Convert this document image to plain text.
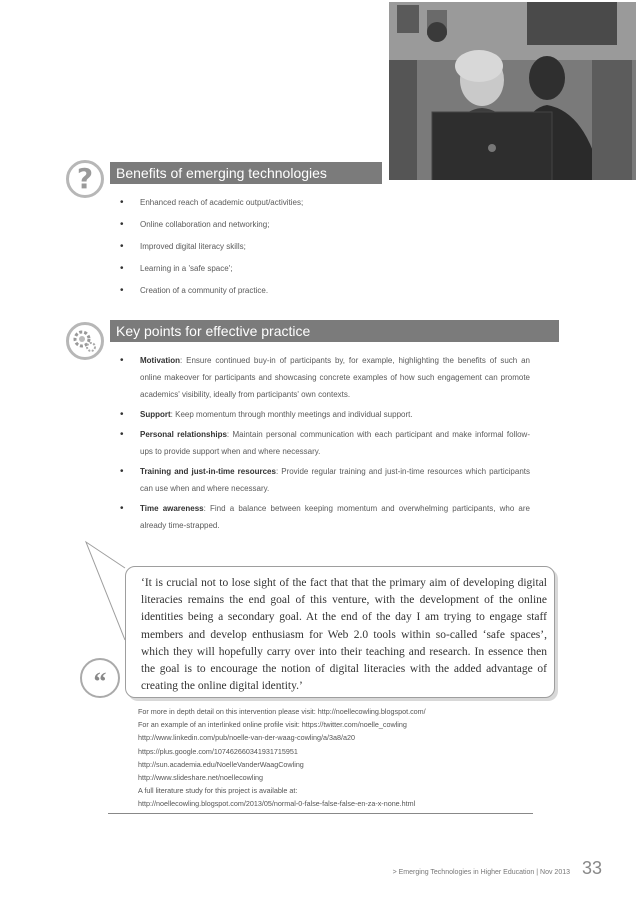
Benefits of emerging technologies
?
• Enhanced reach of academic output/activities;
• Online collaboration and networking;
• Improved digital literacy skills;
• Learning in a 'safe space';
• Creation of a community of practice.
Key points for effective practice
• Motivation: Ensure continued buy-in of participants by, for example, highlighting the benefits of such an online makeover for participants and showcasing concrete examples of how such engagement can promote academics' visibility, ideally from participants' own contexts.
• Support: Keep momentum through monthly meetings and individual support.
• Personal relationships: Maintain personal communication with each participant and make informal follow-ups to provide support when and where necessary.
• Training and just-in-time resources: Provide regular training and just-in-time resources which participants can use when and where necessary.
• Time awareness: Find a balance between keeping momentum and overwhelming participants, who are already time-strapped.
‘It is crucial not to lose sight of the fact that that the primary aim of developing digital literacies remains the end goal of this venture, with the development of the online identities being a secondary goal. At the end of the day I am trying to engage staff members and develop enthusiasm for Web 2.0 tools within so-called ‘safe spaces’, which they will hopefully carry over into their teaching and research. In essence then the goal is to encourage the notion of digital literacies with the added advantage of creating the online digital identity.’
“
For more in depth detail on this intervention please visit: http://noellecowling.blogspot.com/
For an example of an interlinked online profile visit: https://twitter.com/noelle_cowling
http://www.linkedin.com/pub/noelle-van-der-waag-cowling/a/3a8/a20
https://plus.google.com/107462660341931715951
http://sun.academia.edu/NoelleVanderWaagCowling
http://www.slideshare.net/noellecowling
A full literature study for this project is available at:
http://noellecowling.blogspot.com/2013/05/normal-0-false-false-false-en-za-x-none.html
> Emerging Technologies in Higher Education | Nov 2013 33
